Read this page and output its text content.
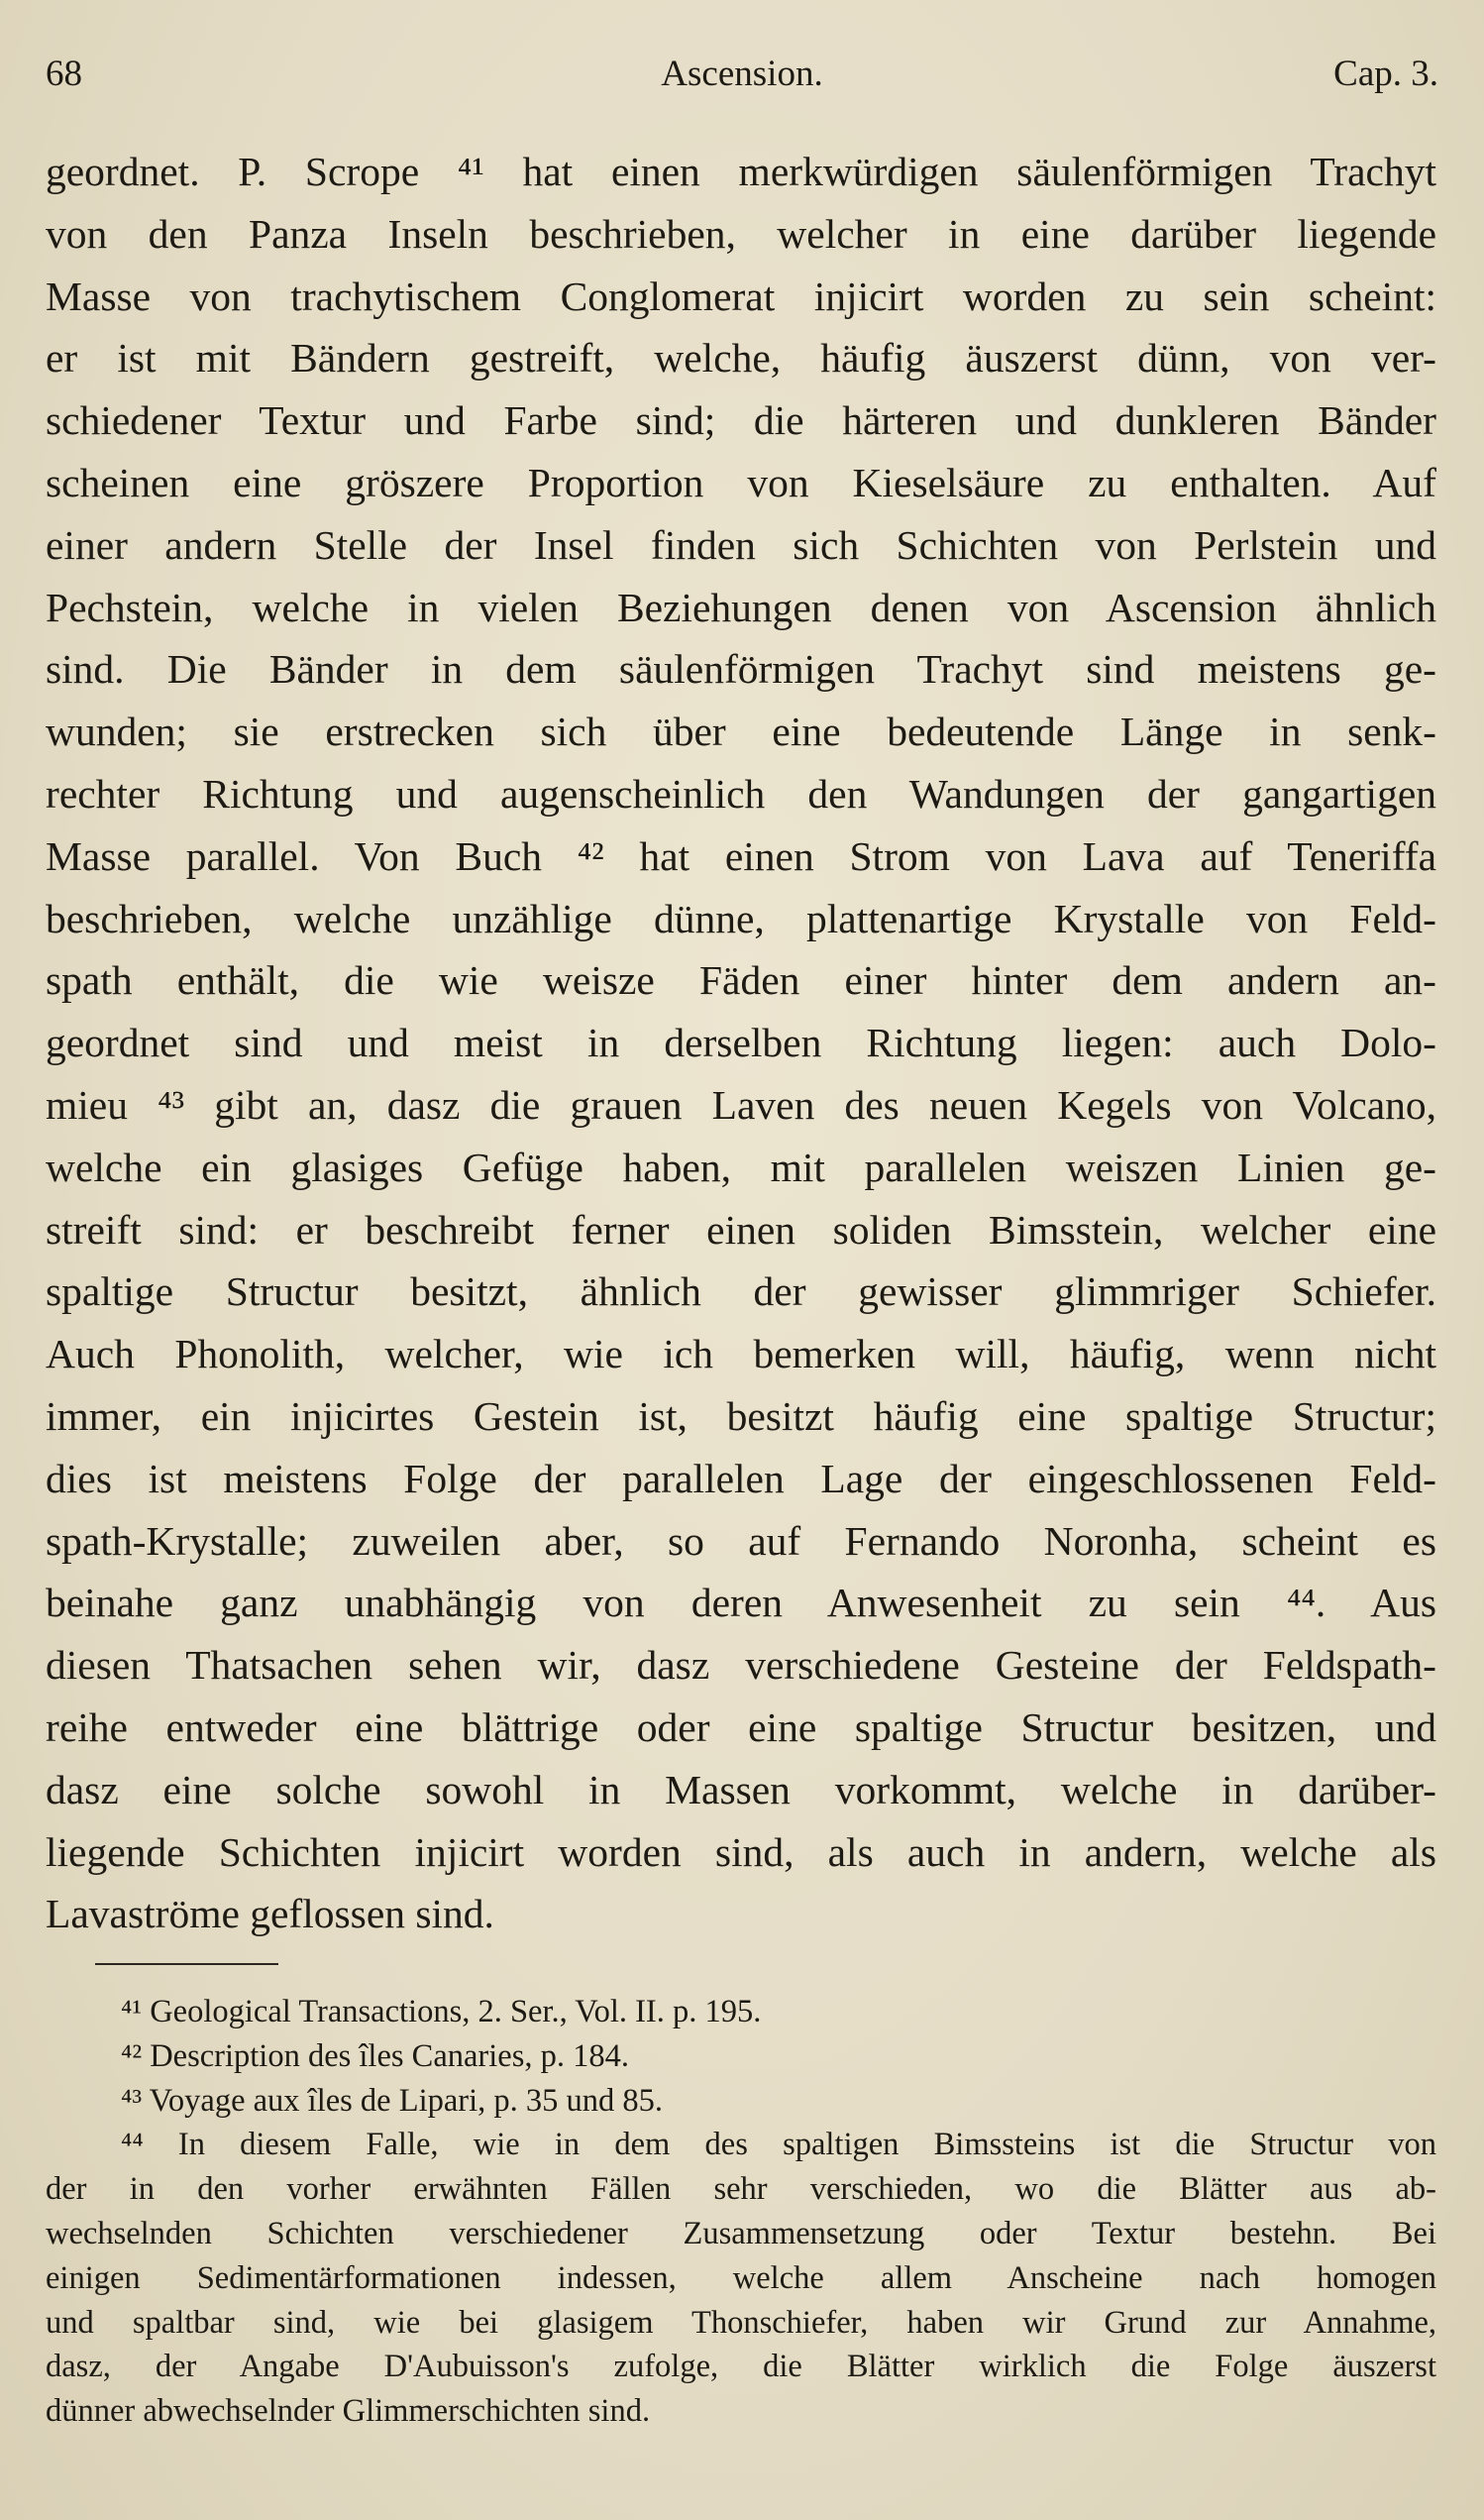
68	Ascension.	Cap. 3.
geordnet. P. Scrope ⁴¹ hat einen merkwürdigen säulenförmigen Trachyt
von den Panza Inseln beschrieben, welcher in eine darüber liegende
Masse von trachytischem Conglomerat injicirt worden zu sein scheint:
er ist mit Bändern gestreift, welche, häufig äuszerst dünn, von ver-
schiedener Textur und Farbe sind; die härteren und dunkleren Bänder
scheinen eine gröszere Proportion von Kieselsäure zu enthalten. Auf
einer andern Stelle der Insel finden sich Schichten von Perlstein und
Pechstein, welche in vielen Beziehungen denen von Ascension ähnlich
sind. Die Bänder in dem säulenförmigen Trachyt sind meistens ge-
wunden; sie erstrecken sich über eine bedeutende Länge in senk-
rechter Richtung und augenscheinlich den Wandungen der gangartigen
Masse parallel. Von Buch ⁴² hat einen Strom von Lava auf Teneriffa
beschrieben, welche unzählige dünne, plattenartige Krystalle von Feld-
spath enthält, die wie weisze Fäden einer hinter dem andern an-
geordnet sind und meist in derselben Richtung liegen: auch Dolo-
mieu ⁴³ gibt an, dasz die grauen Laven des neuen Kegels von Volcano,
welche ein glasiges Gefüge haben, mit parallelen weiszen Linien ge-
streift sind: er beschreibt ferner einen soliden Bimsstein, welcher eine
spaltige Structur besitzt, ähnlich der gewisser glimmriger Schiefer.
Auch Phonolith, welcher, wie ich bemerken will, häufig, wenn nicht
immer, ein injicirtes Gestein ist, besitzt häufig eine spaltige Structur;
dies ist meistens Folge der parallelen Lage der eingeschlossenen Feld-
spath-Krystalle; zuweilen aber, so auf Fernando Noronha, scheint es
beinahe ganz unabhängig von deren Anwesenheit zu sein ⁴⁴. Aus
diesen Thatsachen sehen wir, dasz verschiedene Gesteine der Feldspath-
reihe entweder eine blättrige oder eine spaltige Structur besitzen, und
dasz eine solche sowohl in Massen vorkommt, welche in darüber-
liegende Schichten injicirt worden sind, als auch in andern, welche als
Lavaströme geflossen sind.
⁴¹ Geological Transactions, 2. Ser., Vol. II. p. 195.
⁴² Description des îles Canaries, p. 184.
⁴³ Voyage aux îles de Lipari, p. 35 und 85.
⁴⁴ In diesem Falle, wie in dem des spaltigen Bimssteins ist die Structur von
der in den vorher erwähnten Fällen sehr verschieden, wo die Blätter aus ab-
wechselnden Schichten verschiedener Zusammensetzung oder Textur bestehn. Bei
einigen Sedimentärformationen indessen, welche allem Anscheine nach homogen
und spaltbar sind, wie bei glasigem Thonschiefer, haben wir Grund zur Annahme,
dasz, der Angabe D'Aubuisson's zufolge, die Blätter wirklich die Folge äuszerst
dünner abwechselnder Glimmerschichten sind.
